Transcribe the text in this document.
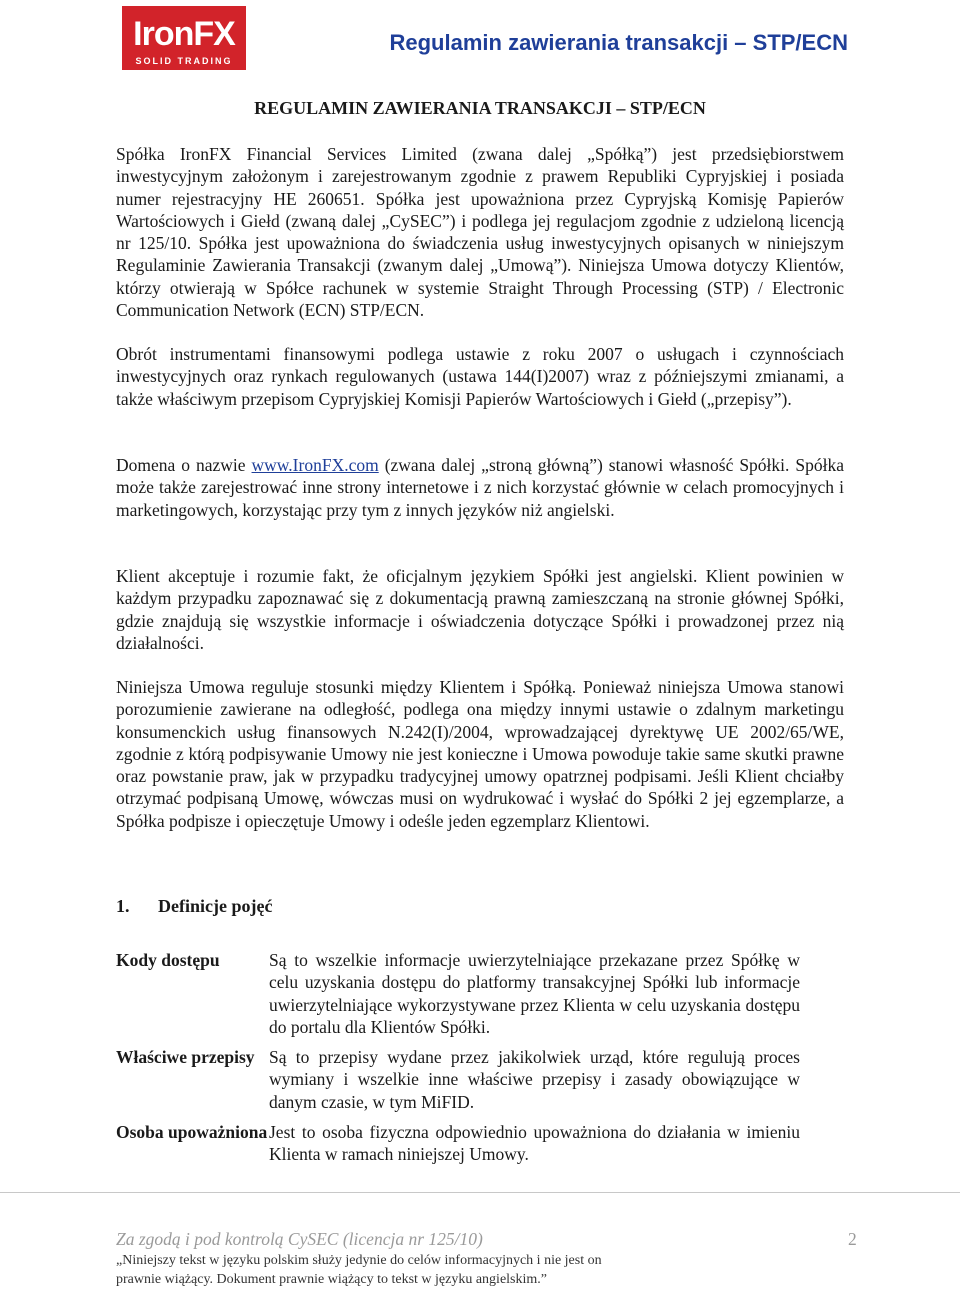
IronFX
SOLID TRADING
Regulamin zawierania transakcji – STP/ECN
REGULAMIN ZAWIERANIA TRANSAKCJI – STP/ECN

Spółka IronFX Financial Services Limited (zwana dalej „Spółką”) jest przedsiębiorstwem inwestycyjnym założonym i zarejestrowanym zgodnie z prawem Republiki Cypryjskiej i posiada numer rejestracyjny HE 260651. Spółka jest upoważniona przez Cypryjską Komisję Papierów Wartościowych i Giełd (zwaną dalej „CySEC”) i podlega jej regulacjom zgodnie z udzieloną licencją nr 125/10. Spółka jest upoważniona do świadczenia usług inwestycyjnych opisanych w niniejszym Regulaminie Zawierania Transakcji (zwanym dalej „Umową”). Niniejsza Umowa dotyczy Klientów, którzy otwierają w Spółce rachunek w systemie Straight Through Processing (STP) / Electronic Communication Network (ECN) STP/ECN.

Obrót instrumentami finansowymi podlega ustawie z roku 2007 o usługach i czynnościach inwestycyjnych oraz rynkach regulowanych (ustawa 144(I)2007) wraz z późniejszymi zmianami, a także właściwym przepisom Cypryjskiej Komisji Papierów Wartościowych i Giełd („przepisy”).

Domena o nazwie www.IronFX.com (zwana dalej „stroną główną”) stanowi własność Spółki. Spółka może także zarejestrować inne strony internetowe i z nich korzystać głównie w celach promocyjnych i marketingowych, korzystając przy tym z innych języków niż angielski.

Klient akceptuje i rozumie fakt, że oficjalnym językiem Spółki jest angielski. Klient powinien w każdym przypadku zapoznawać się z dokumentacją prawną zamieszczaną na stronie głównej Spółki, gdzie znajdują się wszystkie informacje i oświadczenia dotyczące Spółki i prowadzonej przez nią działalności.

Niniejsza Umowa reguluje stosunki między Klientem i Spółką. Ponieważ niniejsza Umowa stanowi porozumienie zawierane na odległość, podlega ona między innymi ustawie o zdalnym marketingu konsumenckich usług finansowych N.242(I)/2004, wprowadzającej dyrektywę UE 2002/65/WE, zgodnie z którą podpisywanie Umowy nie jest konieczne i Umowa powoduje takie same skutki prawne oraz powstanie praw, jak w przypadku tradycyjnej umowy opatrznej podpisami. Jeśli Klient chciałby otrzymać podpisaną Umowę, wówczas musi on wydrukować i wysłać do Spółki 2 jej egzemplarze, a Spółka podpisze i opieczętuje Umowy i odeśle jeden egzemplarz Klientowi.

1. Definicje pojęć
Kody dostępu	Są to wszelkie informacje uwierzytelniające przekazane przez Spółkę w celu uzyskania dostępu do platformy transakcyjnej Spółki lub informacje uwierzytelniające wykorzystywane przez Klienta w celu uzyskania dostępu do portalu dla Klientów Spółki.
Właściwe przepisy Są to przepisy wydane przez jakikolwiek urząd, które regulują proces wymiany i wszelkie inne właściwe przepisy i zasady obowiązujące w danym czasie, w tym MiFID.
Osoba upoważniona Jest to osoba fizyczna odpowiednio upoważniona do działania w imieniu Klienta w ramach niniejszej Umowy.
Za zgodą i pod kontrolą CySEC (licencja nr 125/10)
„Niniejszy tekst w języku polskim służy jedynie do celów informacyjnych i nie jest on prawnie wiążący. Dokument prawnie wiążący to tekst w języku angielskim.”
2
